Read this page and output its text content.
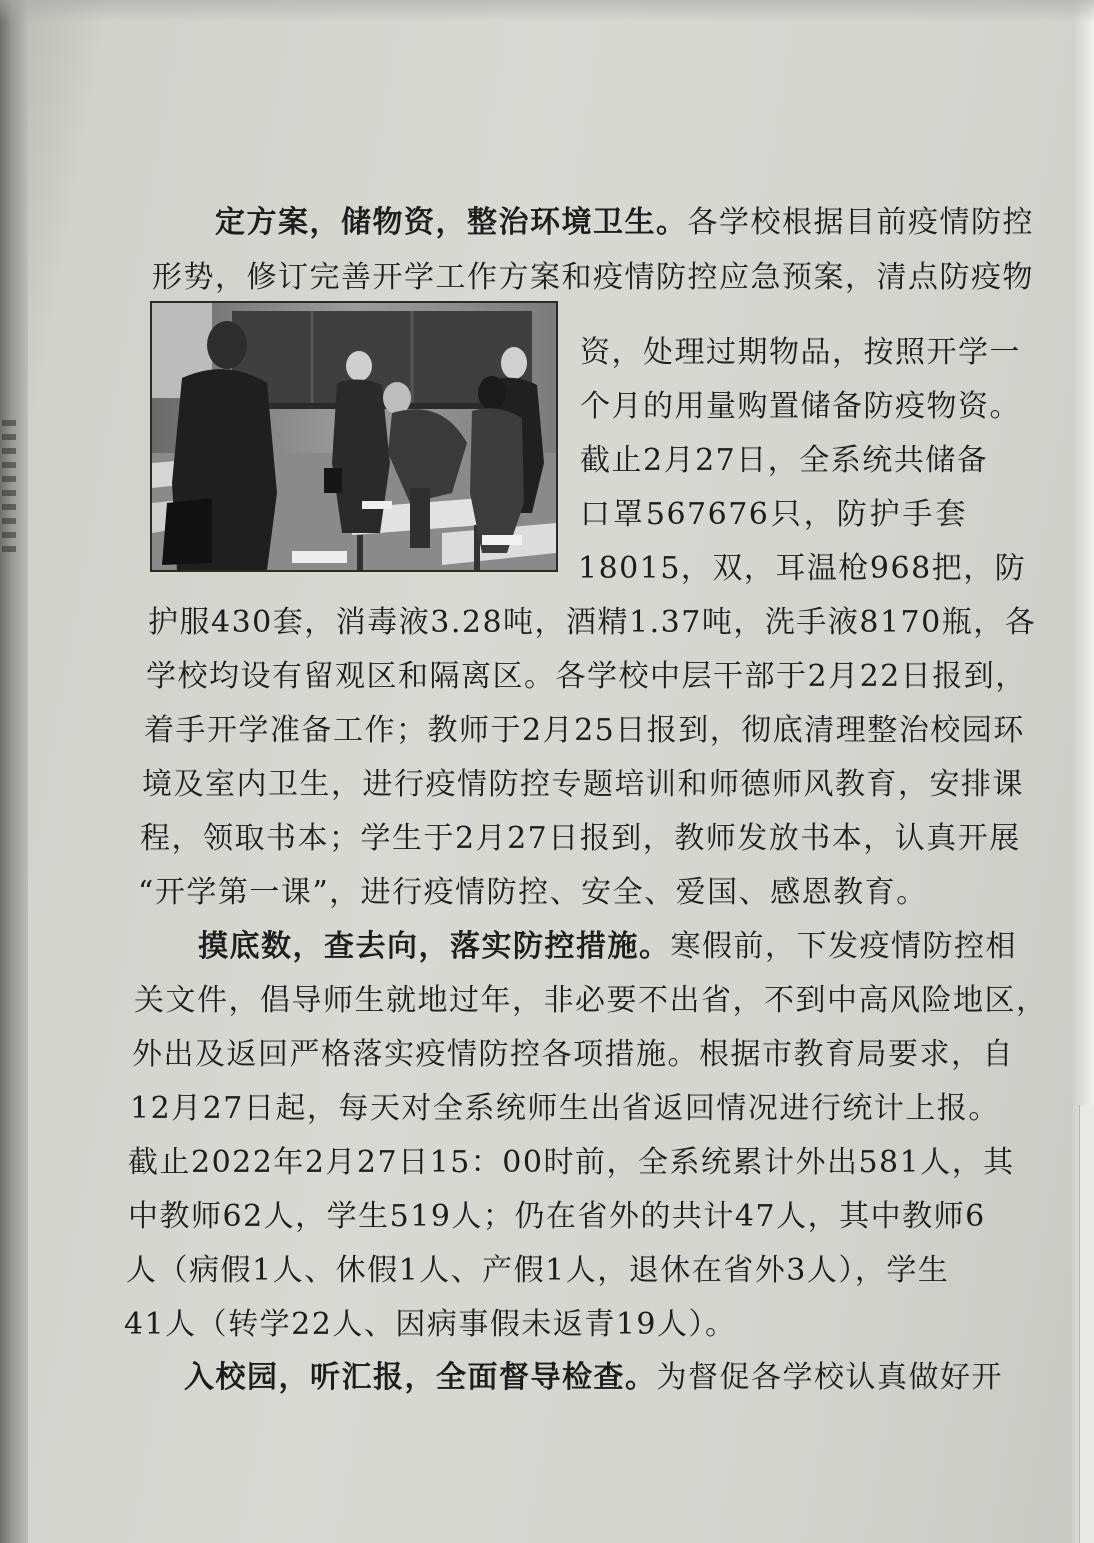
定方案，储物资，整治环境卫生。各学校根据目前疫情防控
形势，修订完善开学工作方案和疫情防控应急预案，清点防疫物
资，处理过期物品，按照开学一
个月的用量购置储备防疫物资。
截止2月27日，全系统共储备
口罩567676只，防护手套
18015，双，耳温枪968把，防
护服430套，消毒液3.28吨，酒精1.37吨，洗手液8170瓶，各
学校均设有留观区和隔离区。各学校中层干部于2月22日报到，
着手开学准备工作；教师于2月25日报到，彻底清理整治校园环
境及室内卫生，进行疫情防控专题培训和师德师风教育，安排课
程，领取书本；学生于2月27日报到，教师发放书本，认真开展
“开学第一课”，进行疫情防控、安全、爱国、感恩教育。
摸底数，查去向，落实防控措施。寒假前，下发疫情防控相
关文件，倡导师生就地过年，非必要不出省，不到中高风险地区，
外出及返回严格落实疫情防控各项措施。根据市教育局要求，自
12月27日起，每天对全系统师生出省返回情况进行统计上报。
截止2022年2月27日15：00时前，全系统累计外出581人，其
中教师62人，学生519人；仍在省外的共计47人，其中教师6
人（病假1人、休假1人、产假1人，退休在省外3人），学生
41人（转学22人、因病事假未返青19人）。
入校园，听汇报，全面督导检查。为督促各学校认真做好开
